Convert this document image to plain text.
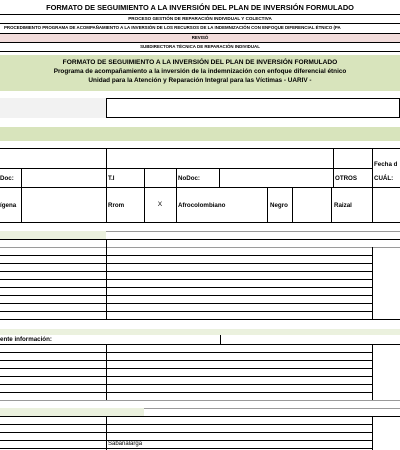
FORMATO DE SEGUIMIENTO A LA INVERSIÓN DEL PLAN DE INVERSIÓN FORMULADO
PROCESO GESTIÓN DE REPARACIÓN INDIVIDUAL Y COLECTIVA
PROCEDIMIENTO PROGRAMA DE ACOMPAÑAMIENTO A LA INVERSIÓN DE LOS RECURSOS DE LA INDEMNIZACIÓN CON ENFOQUE DIFERENCIAL ÉTNICO (PA
REVISÓ
SUBDIRECTORA TÉCNICA DE REPARACIÓN INDIVIDUAL
FORMATO DE SEGUIMIENTO A LA INVERSIÓN DEL PLAN DE INVERSIÓN FORMULADO
Programa de acompañamiento a la inversión de la indemnización con enfoque diferencial étnico
Unidad para la Atención y Reparación Integral para las Víctimas - UARIV -
Fecha d
Doc:	T.I	NoDoc:	OTROS	CUÁL:
ígena	Rrom	X	Afrocolombiano	Negro	Raizal
ente información:
Sabanalarga
